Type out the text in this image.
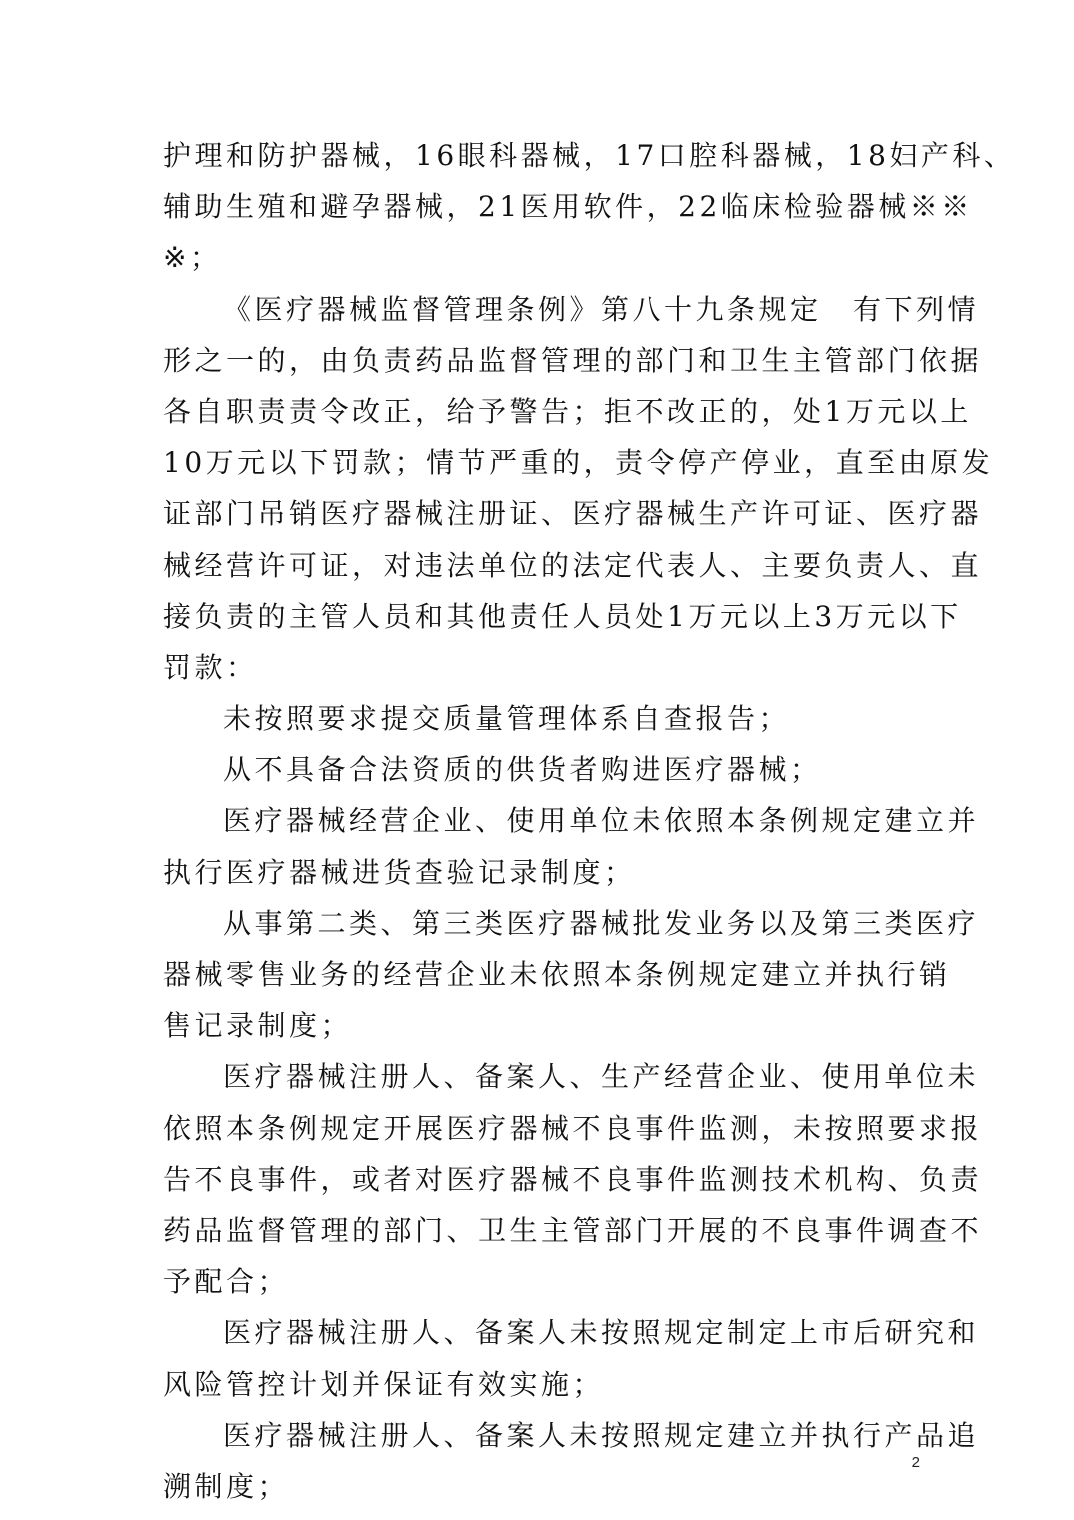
护理和防护器械，16眼科器械，17口腔科器械，18妇产科、
辅助生殖和避孕器械，21医用软件，22临床检验器械※※
※；
《医疗器械监督管理条例》第八十九条规定　有下列情
形之一的，由负责药品监督管理的部门和卫生主管部门依据
各自职责责令改正，给予警告；拒不改正的，处1万元以上
10万元以下罚款；情节严重的，责令停产停业，直至由原发
证部门吊销医疗器械注册证、医疗器械生产许可证、医疗器
械经营许可证，对违法单位的法定代表人、主要负责人、直
接负责的主管人员和其他责任人员处1万元以上3万元以下
罚款：
未按照要求提交质量管理体系自查报告；
从不具备合法资质的供货者购进医疗器械；
医疗器械经营企业、使用单位未依照本条例规定建立并
执行医疗器械进货查验记录制度；
从事第二类、第三类医疗器械批发业务以及第三类医疗
器械零售业务的经营企业未依照本条例规定建立并执行销
售记录制度；
医疗器械注册人、备案人、生产经营企业、使用单位未
依照本条例规定开展医疗器械不良事件监测，未按照要求报
告不良事件，或者对医疗器械不良事件监测技术机构、负责
药品监督管理的部门、卫生主管部门开展的不良事件调查不
予配合；
医疗器械注册人、备案人未按照规定制定上市后研究和
风险管控计划并保证有效实施；
医疗器械注册人、备案人未按照规定建立并执行产品追
溯制度；
2
